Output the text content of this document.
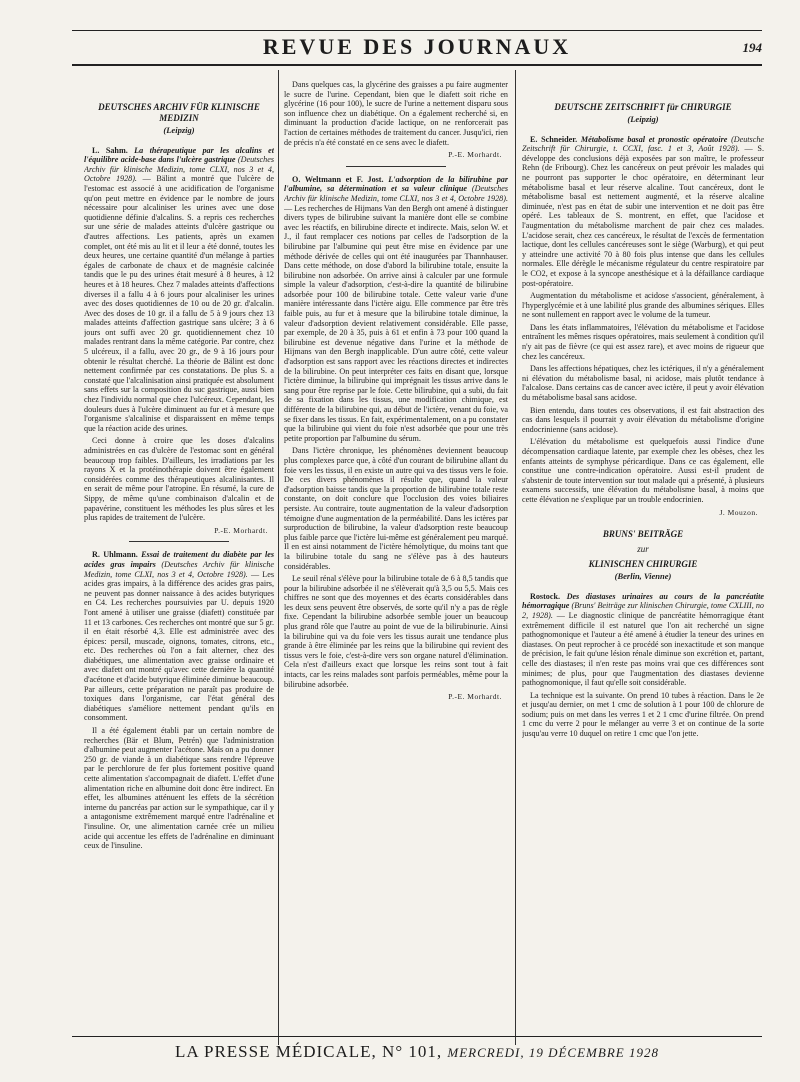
REVUE DES JOURNAUX	194
DEUTSCHES ARCHIV FÜR KLINISCHE MEDIZIN
(Leipzig)

L. Sahm. La thérapeutique par les alcalins et l'équilibre acide-base dans l'ulcère gastrique (Deutsches Archiv für klinische Medizin, tome CLXI, nos 3 et 4, Octobre 1928). — Bälint a montré que l'ulcère de l'estomac est associé à une acidification de l'organisme qu'on peut mettre en évidence par le nombre de jours nécessaire pour alcaliniser les urines avec une dose quotidienne définie d'alcalins. S. a repris ces recherches sur une série de malades atteints d'ulcère gastrique ou d'autres affections. Les patients, après un examen complet, ont été mis au lit et il leur a été donné, toutes les deux heures, une certaine quantité d'un mélange à parties égales de carbonate de chaux et de magnésie calcinée tandis que le pu des urines était mesuré à 8 heures, à 12 heures et à 18 heures. Chez 7 malades atteints d'affections diverses il a fallu 4 à 6 jours pour alcaliniser les urines avec des doses quotidiennes de 10 ou de 20 gr. d'alcalin. Avec des doses de 10 gr. il a fallu de 5 à 9 jours chez 13 malades atteints d'affection gastrique sans ulcère; 3 à 6 jours ont suffi avec 20 gr. quotidiennement chez 10 malades rentrant dans la même catégorie. Par contre, chez 5 ulcéreux, il a fallu, avec 20 gr., de 9 à 16 jours pour obtenir le résultat cherché. La théorie de Bälint est donc nettement confirmée par ces constatations. De plus S. a constaté que l'alcalinisation ainsi pratiquée est absolument sans effets sur la composition du suc gastrique, aussi bien chez l'individu normal que chez l'ulcéreux. Cependant, les douleurs dues à l'ulcère diminuent au fur et à mesure que l'organisme s'alcalinise et disparaissent en même temps que la réaction acide des urines.

Ceci donne à croire que les doses d'alcalins administrées en cas d'ulcère de l'estomac sont en général beaucoup trop faibles. D'ailleurs, les irradiations par les rayons X et la protéinothérapie doivent être également considérées comme des thérapeutiques alcalinisantes. Il en serait de même pour l'atropine. En résumé, la cure de Sippy, de même qu'une combinaison d'alcalin et de papavérine, constituent les méthodes les plus sûres et les plus rapides de traitement de l'ulcère.

P.-E. Morhardt.

R. Uhlmann. Essai de traitement du diabète par les acides gras impairs (Deutsches Archiv für klinische Medizin, tome CLXI, nos 3 et 4, Octobre 1928). — Les acides gras impairs, à la différence des acides gras pairs, ne peuvent pas donner naissance à des acides butyriques en C4. Les recherches poursuivies par U. depuis 1920 l'ont amené à utiliser une graisse (diafett) constituée par 11 et 13 carbones. Ces recherches ont montré que sur 5 gr. il en était résorbé 4,3. Elle est administrée avec des épices: persil, muscade, oignons, tomates, citrons, etc., etc. Des recherches où l'on a fait alterner, chez des diabétiques, une alimentation avec graisse ordinaire et avec diafett ont montré qu'avec cette dernière la quantité d'acétone et d'acide butyrique éliminée diminue beaucoup. Par ailleurs, cette préparation ne paraît pas produire de toxiques dans l'organisme, car l'état général des diabétiques s'améliore nettement pendant qu'ils en consomment.

Il a été également établi par un certain nombre de recherches (Bär et Blum, Petrén) que l'administration d'albumine peut augmenter l'acétone. Mais on a pu donner 250 gr. de viande à un diabétique sans rendre l'épreuve par le perchlorure de fer plus fortement positive quand cette alimentation s'accompagnait de diafett. L'effet d'une alimentation riche en albumine doit donc être indirect. En effet, les albumines atténuent les effets de la sécrétion interne du pancréas par action sur le sympathique, car il y a antagonisme extrêmement marqué entre l'adrénaline et l'insuline. Or, une alimentation carnée crée un milieu acide qui accentue les effets de l'adrénaline en diminuant ceux de l'insuline.

Dans quelques cas, la glycérine des graisses a pu faire augmenter le sucre de l'urine. Cependant, bien que le diafett soit riche en glycérine (16 pour 100), le sucre de l'urine a nettement disparu sous son influence chez un diabétique. On a également recherché si, en diminuant la production d'acide lactique, on ne renforcerait pas l'action de certaines méthodes de traitement du cancer. Jusqu'ici, rien de précis n'a été constaté en ce sens avec le diafett.

P.-E. Morhardt.

O. Weltmann et F. Jost. L'adsorption de la bilirubine par l'albumine, sa détermination et sa valeur clinique (Deutsches Archiv für klinische Medizin, tome CLXI, nos 3 et 4, Octobre 1928). — Les recherches de Hijmans Van den Bergh ont amené à distinguer divers types de bilirubine suivant la manière dont elle se combine avec les réactifs, en bilirubine directe et indirecte. Mais, selon W. et J., il faut remplacer ces notions par celles de l'adsorption de la bilirubine par l'albumine qui peut être mise en évidence par une méthode dérivée de celles qui ont été inaugurées par Thannhauser. Dans cette méthode, on dose d'abord la bilirubine totale, ensuite la bilirubine non adsorbée. On arrive ainsi à calculer par une formule simple la valeur d'adsorption, c'est-à-dire la quantité de bilirubine adsorbée pour 100 de bilirubine totale. Cette valeur varie d'une manière intéressante dans l'ictère aigu. Elle commence par être très faible puis, au fur et à mesure que la bilirubine totale diminue, la valeur d'adsorption devient relativement considérable. Elle passe, par exemple, de 20 à 35, puis à 61 et enfin à 73 pour 100 quand la bilirubine est devenue négative dans l'urine et la méthode de Hijmans van den Bergh inapplicable. D'un autre côté, cette valeur d'adsorption est sans rapport avec les réactions directes et indirectes de la bilirubine. On peut interpréter ces faits en disant que, lorsque l'ictère diminue, la bilirubine qui imprégnait les tissus arrive dans le sang pour être reprise par le foie. Cette bilirubine, qui a subi, du fait de sa fixation dans les tissus, une modification chimique, est différente de la bilirubine qui, au début de l'ictère, venant du foie, va se fixer dans les tissus. En fait, expérimentalement, on a pu constater que la bilirubine qui vient du foie n'est adsorbée que pour une très petite proportion par l'albumine du sérum.

Dans l'ictère chronique, les phénomènes deviennent beaucoup plus complexes parce que, à côté d'un courant de bilirubine allant du foie vers les tissus, il en existe un autre qui va des tissus vers le foie. De ces divers phénomènes il résulte que, quand la valeur d'adsorption baisse tandis que la proportion de bilirubine totale reste constante, on doit conclure que l'occlusion des voies biliaires persiste. Au contraire, toute augmentation de la valeur d'adsorption témoigne d'une augmentation de la perméabilité. Dans les ictères par surproduction de bilirubine, la valeur d'adsorption reste beaucoup plus faible parce que l'ictère lui-même est généralement peu marqué. Il en est ainsi notamment de l'ictère hémolytique, du moins tant que la bilirubine totale du sang ne s'élève pas à des hauteurs considérables.

Le seuil rénal s'élève pour la bilirubine totale de 6 à 8,5 tandis que pour la bilirubine adsorbée il ne s'élèverait qu'à 3,5 ou 5,5. Mais ces chiffres ne sont que des moyennes et des écarts considérables dans les deux sens peuvent être observés, de sorte qu'il n'y a pas de règle fixe. Cependant la bilirubine adsorbée semble jouer un beaucoup plus grand rôle que l'autre au point de vue de la bilirubinurie. Ainsi la bilirubine qui va du foie vers les tissus aurait une tendance plus grande à être éliminée par les reins que la bilirubine qui revient des tissus vers le foie, c'est-à-dire vers son organe naturel d'élimination. Cela n'est d'ailleurs exact que lorsque les reins sont tout à fait intacts, car les reins malades sont parfois perméables, même pour la bilirubine adsorbée.

P.-E. Morhardt.
DEUTSCHE ZEITSCHRIFT für CHIRURGIE
(Leipzig)

E. Schneider. Métabolisme basal et pronostic opératoire (Deutsche Zeitschrift für Chirurgie, t. CCXI, fasc. 1 et 3, Août 1928). — S. développe des conclusions déjà exposées par son maître, le professeur Rehn (de Fribourg). Chez les cancéreux on peut prévoir les malades qui ne pourront pas supporter le choc opératoire, en déterminant leur métabolisme basal et leur réserve alcaline. Tout cancéreux, dont le métabolisme basal est nettement augmenté, et la réserve alcaline diminuée, n'est pas en état de subir une intervention et ne doit pas être opéré. Les tableaux de S. montrent, en effet, que l'acidose et l'augmentation du métabolisme marchent de pair chez ces malades. L'acidose serait, chez ces cancéreux, le résultat de l'excès de fermentation lactique, dont les cellules cancéreuses sont le siège (Warburg), et qui peut y atteindre une activité 70 à 80 fois plus intense que dans les cellules normales. Elle dérègle le mécanisme régulateur du centre respiratoire par le CO2, et expose à la syncope anesthésique et à la défaillance cardiaque post-opératoire.

Augmentation du métabolisme et acidose s'associent, généralement, à l'hyperglycémie et à une labilité plus grande des albumines sériques. Elles ne sont nullement en rapport avec le volume de la tumeur.

Dans les états inflammatoires, l'élévation du métabolisme et l'acidose entraînent les mêmes risques opératoires, mais seulement à condition qu'il n'y ait pas de fièvre (ce qui est assez rare), et avec moins de rigueur que chez les cancéreux.

Dans les affections hépatiques, chez les ictériques, il n'y a généralement ni élévation du métabolisme basal, ni acidose, mais plutôt tendance à l'alcalose. Dans certains cas de cancer avec ictère, il peut y avoir élévation du métabolisme basal sans acidose.

Bien entendu, dans toutes ces observations, il est fait abstraction des cas dans lesquels il pourrait y avoir élévation du métabolisme d'origine endocrinienne (sans acidose).

L'élévation du métabolisme est quelquefois aussi l'indice d'une décompensation cardiaque latente, par exemple chez les obèses, chez les enfants atteints de symphyse péricardique. Dans ce cas également, elle constitue une contre-indication opératoire. Aussi est-il prudent de s'abstenir de toute intervention sur tout malade qui a présenté, à plusieurs examens successifs, une élévation du métabolisme basal, à moins que cette élévation ne s'explique par un trouble endocrinien.

J. Mouzon.
BRUNS' BEITRÄGE
zur
KLINISCHEN CHIRURGIE
(Berlin, Vienne)

Rostock. Des diastases urinaires au cours de la pancréatite hémorragique (Bruns' Beiträge zur klinischen Chirurgie, tome CXLIII, no 2, 1928). — Le diagnostic clinique de pancréatite hémorragique étant extrêmement difficile il est naturel que l'on ait recherché un signe pathognomonique et l'auteur a été amené à étudier la teneur des urines en diastases. On peut reprocher à ce procédé son inexactitude et son manque de précision, le fait qu'une lésion rénale diminue son excrétion et, partant, celle des diastases; il n'en reste pas moins vrai que ces différences sont minimes; de plus, pour que l'augmentation des diastases devienne pathognomonique, il faut qu'elle soit considérable.

La technique est la suivante. On prend 10 tubes à réaction. Dans le 2e et jusqu'au dernier, on met 1 cmc de solution à 1 pour 100 de chlorure de sodium; puis on met dans les verres 1 et 2 1 cmc d'urine filtrée. On prend 1 cmc du verre 2 pour le mélanger au verre 3 et on continue de la sorte jusqu'au verre 10 duquel on retire 1 cmc que l'on jette.

LA PRESSE MÉDICALE, N° 101, MERCREDI, 19 DÉCEMBRE 1928
